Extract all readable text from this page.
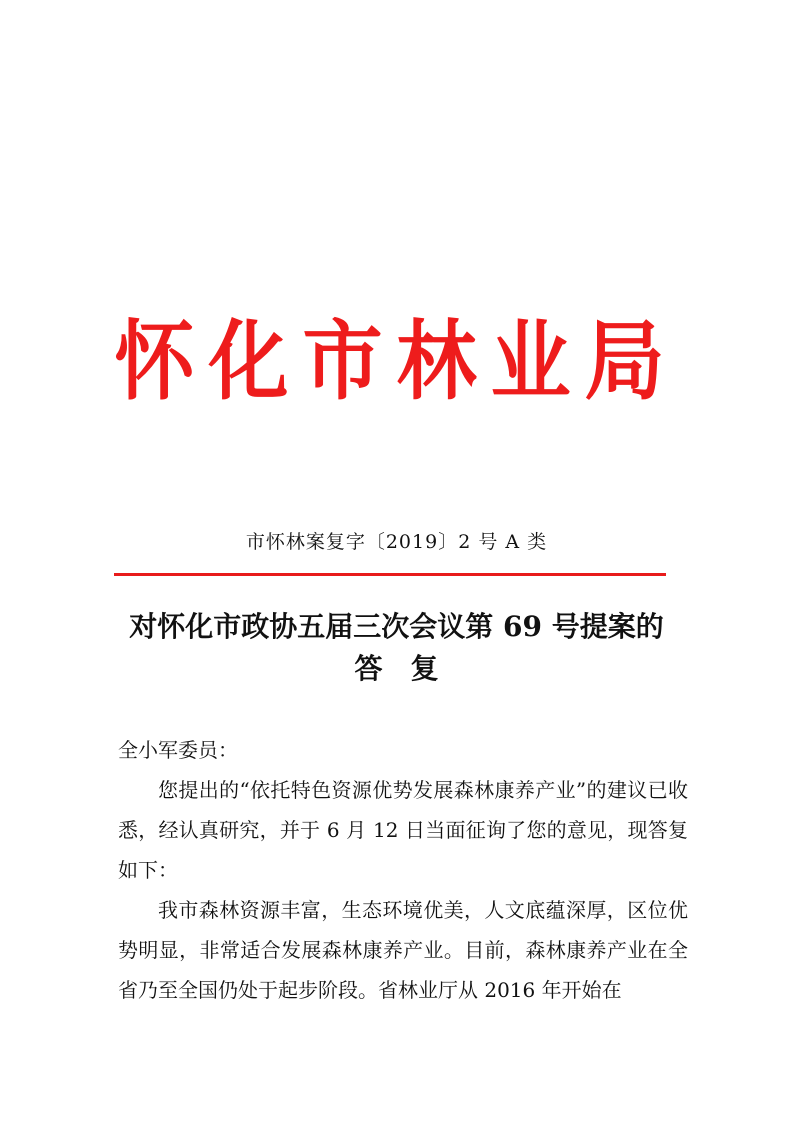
怀化市林业局
市怀林案复字〔2019〕2 号 A 类
对怀化市政协五届三次会议第 69 号提案的
答　复

全小军委员：

您提出的“依托特色资源优势发展森林康养产业”的建议已收悉，经认真研究，并于 6 月 12 日当面征询了您的意见，现答复如下：

我市森林资源丰富，生态环境优美，人文底蕴深厚，区位优势明显，非常适合发展森林康养产业。目前，森林康养产业在全省乃至全国仍处于起步阶段。省林业厅从 2016 年开始在
